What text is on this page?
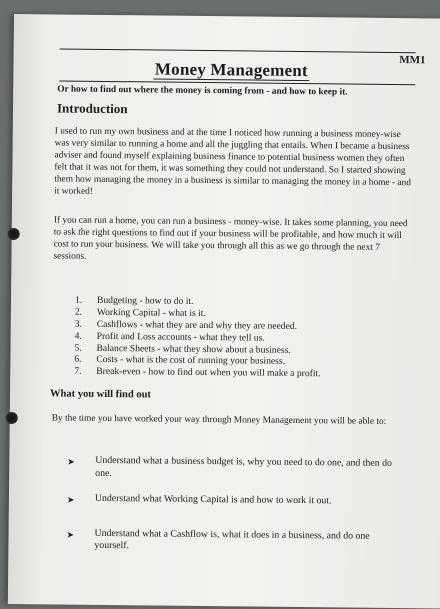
MM1
Money Management
Or how to find out where the money is coming from - and how to keep it.
Introduction
I used to run my own business and at the time I noticed how running a business money-wise was very similar to running a home and all the juggling that entails. When I became a business adviser and found myself explaining business finance to potential business women they often felt that it was not for them, it was something they could not understand. So I started showing them how managing the money in a business is similar to managing the money in a home - and it worked!
If you can run a home, you can run a business - money-wise. It takes some planning, you need to ask the right questions to find out if your business will be profitable, and how much it will cost to run your business. We will take you through all this as we go through the next 7 sessions.
1. Budgeting - how to do it.
2. Working Capital - what is it.
3. Cashflows - what they are and why they are needed.
4. Profit and Loss accounts - what they tell us.
5. Balance Sheets - what they show about a business.
6. Costs - what is the cost of running your business.
7. Break-even - how to find out when you will make a profit.
What you will find out
By the time you have worked your way through Money Management you will be able to:
➤ Understand what a business budget is, why you need to do one, and then do one.
➤ Understand what Working Capital is and how to work it out.
➤ Understand what a Cashflow is, what it does in a business, and do one yourself.
